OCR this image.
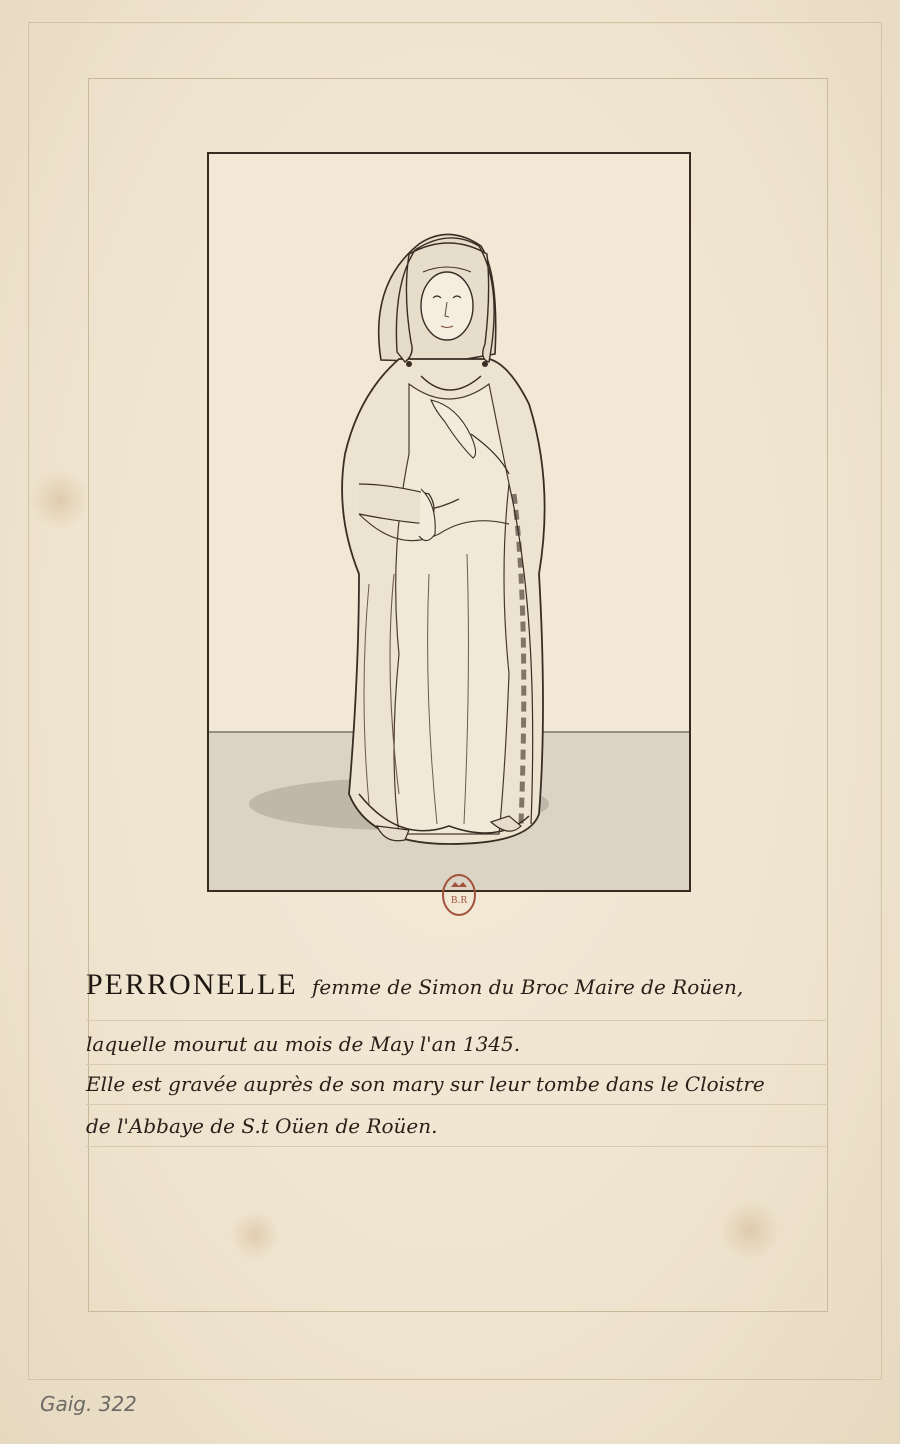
B.R
PERRONELLE femme de Simon du Broc Maire de Roüen,
laquelle mourut au mois de May l'an 1345.
Elle est gravée auprès de son mary sur leur tombe dans le Cloistre
de l'Abbaye de S.t Oüen de Roüen.
Gaig. 322
